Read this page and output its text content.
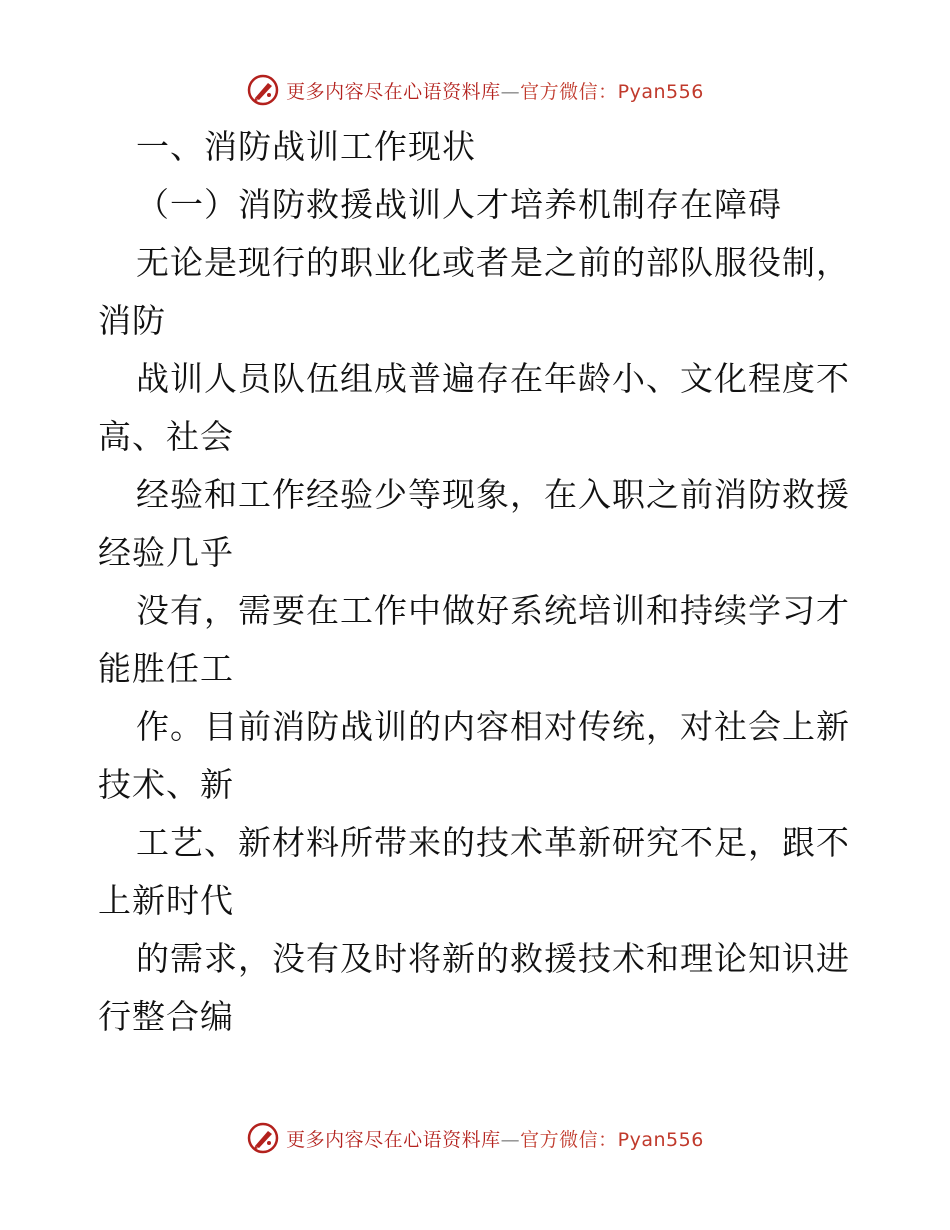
更多内容尽在心语资料库—官方微信：Pyan556
一、消防战训工作现状
（一）消防救援战训人才培养机制存在障碍
无论是现行的职业化或者是之前的部队服役制，
消防
战训人员队伍组成普遍存在年龄小、文化程度不
高、社会
经验和工作经验少等现象，在入职之前消防救援
经验几乎
没有，需要在工作中做好系统培训和持续学习才
能胜任工
作。目前消防战训的内容相对传统，对社会上新
技术、新
工艺、新材料所带来的技术革新研究不足，跟不
上新时代
的需求，没有及时将新的救援技术和理论知识进
行整合编
更多内容尽在心语资料库—官方微信：Pyan556
